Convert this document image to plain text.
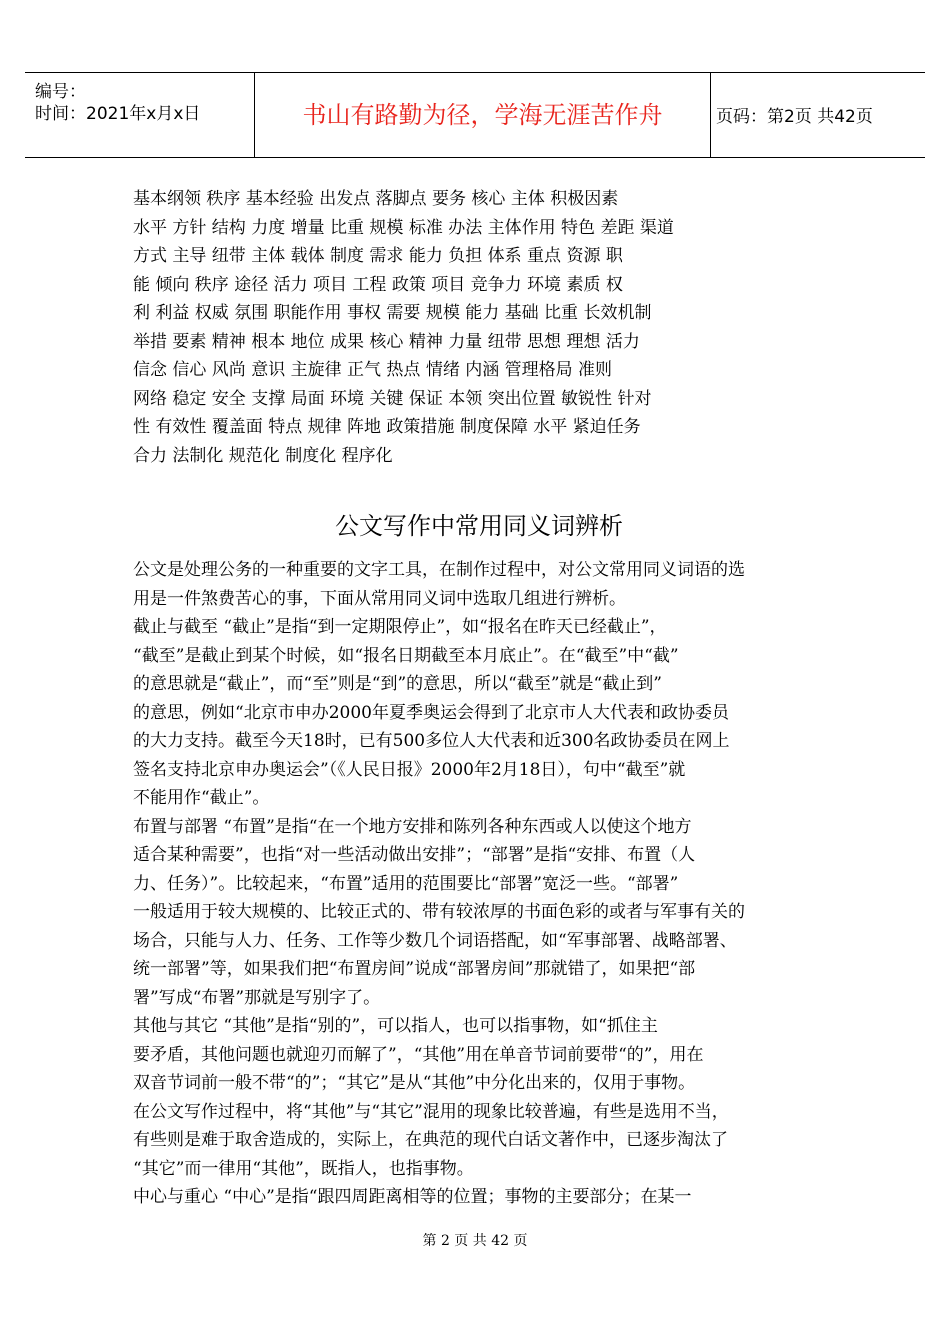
编号：
时间：2021年x月x日	书山有路勤为径，学海无涯苦作舟	页码：第2页 共42页
基本纲领 秩序 基本经验 出发点 落脚点 要务 核心 主体 积极因素
水平 方针 结构 力度 增量 比重 规模 标准 办法 主体作用 特色 差距 渠道
方式 主导 纽带 主体 载体 制度 需求 能力 负担 体系 重点 资源 职
能 倾向 秩序 途径 活力 项目 工程 政策 项目 竞争力 环境 素质 权
利 利益 权威 氛围 职能作用 事权 需要 规模 能力 基础 比重 长效机制
举措 要素 精神 根本 地位 成果 核心 精神 力量 纽带 思想 理想 活力
信念 信心 风尚 意识 主旋律 正气 热点 情绪 内涵 管理格局 准则
网络 稳定 安全 支撑 局面 环境 关键 保证 本领 突出位置 敏锐性 针对
性 有效性 覆盖面 特点 规律 阵地 政策措施 制度保障 水平 紧迫任务
合力 法制化 规范化 制度化 程序化
公文写作中常用同义词辨析
公文是处理公务的一种重要的文字工具，在制作过程中，对公文常用同义词语的选
用是一件煞费苦心的事，下面从常用同义词中选取几组进行辨析。
截止与截至 “截止”是指“到一定期限停止”，如“报名在昨天已经截止”，
“截至”是截止到某个时候，如“报名日期截至本月底止”。在“截至”中“截”
的意思就是“截止”，而“至”则是“到”的意思，所以“截至”就是“截止到”
的意思，例如“北京市申办2000年夏季奥运会得到了北京市人大代表和政协委员
的大力支持。截至今天18时，已有500多位人大代表和近300名政协委员在网上
签名支持北京申办奥运会”（《人民日报》2000年2月18日），句中“截至”就
不能用作“截止”。
布置与部署 “布置”是指“在一个地方安排和陈列各种东西或人以使这个地方
适合某种需要”，也指“对一些活动做出安排”；“部署”是指“安排、布置（人
力、任务）”。比较起来，“布置”适用的范围要比“部署”宽泛一些。“部署”
一般适用于较大规模的、比较正式的、带有较浓厚的书面色彩的或者与军事有关的
场合，只能与人力、任务、工作等少数几个词语搭配，如“军事部署、战略部署、
统一部署”等，如果我们把“布置房间”说成“部署房间”那就错了，如果把“部
署”写成“布署”那就是写别字了。
其他与其它 “其他”是指“别的”，可以指人，也可以指事物，如“抓住主
要矛盾，其他问题也就迎刃而解了”，“其他”用在单音节词前要带“的”，用在
双音节词前一般不带“的”；“其它”是从“其他”中分化出来的，仅用于事物。
在公文写作过程中，将“其他”与“其它”混用的现象比较普遍，有些是选用不当，
有些则是难于取舍造成的，实际上，在典范的现代白话文著作中，已逐步淘汰了
“其它”而一律用“其他”，既指人，也指事物。
中心与重心 “中心”是指“跟四周距离相等的位置；事物的主要部分；在某一
第 2 页 共 42 页
